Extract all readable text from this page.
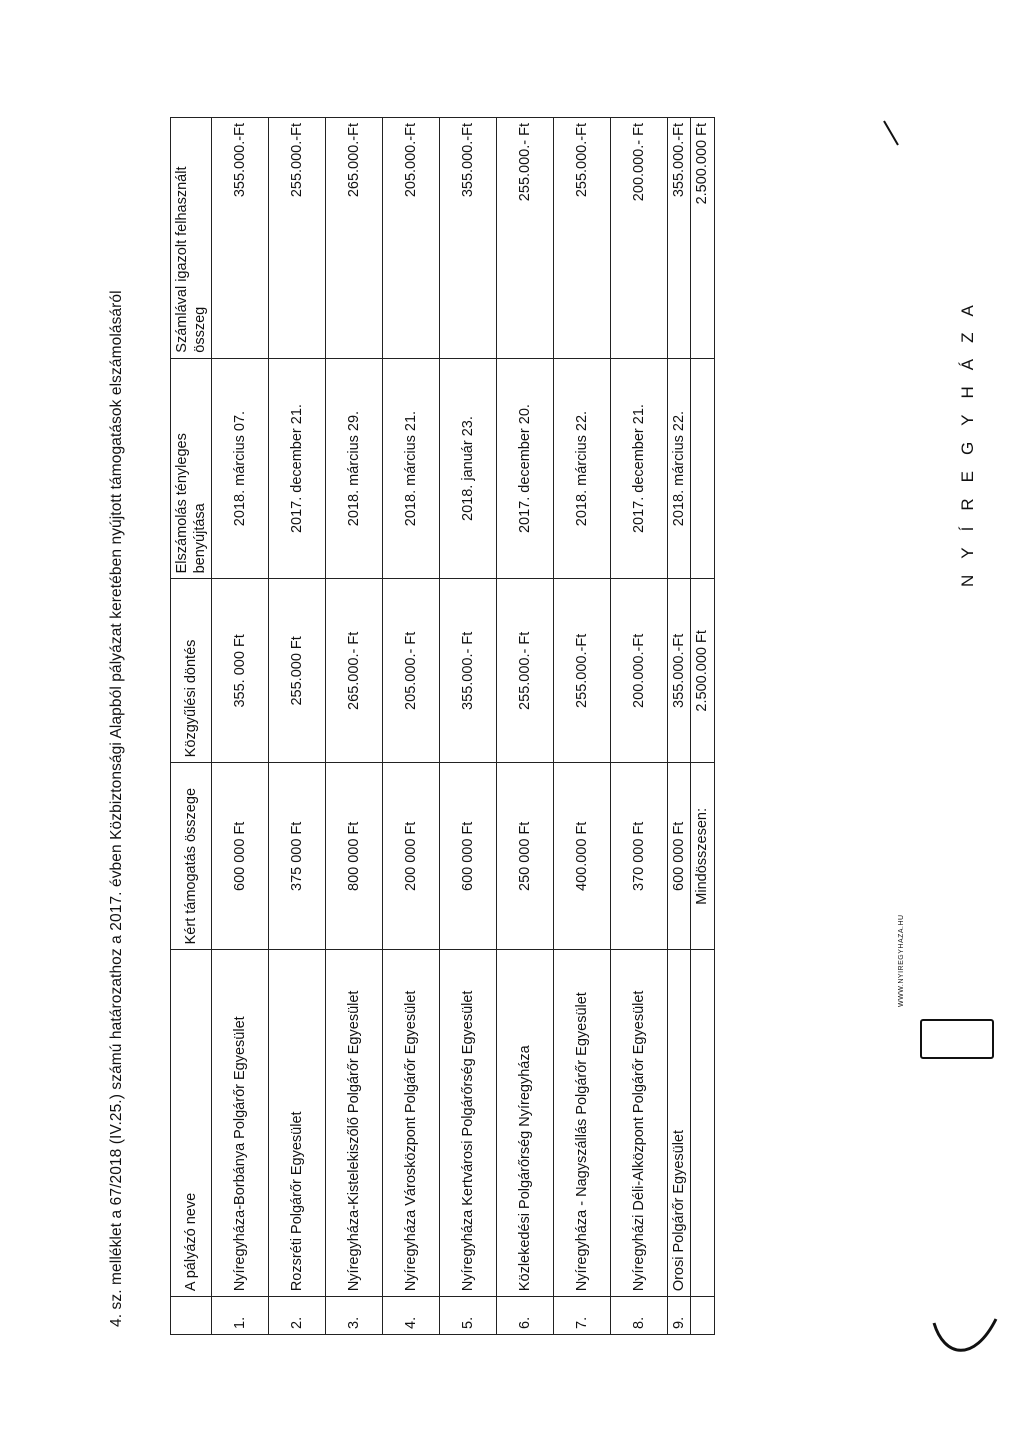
4. sz. melléklet a 67/2018 (IV.25.) számú határozathoz a 2017. évben Közbiztonsági Alapból pályázat keretében nyújtott támogatások elszámolásáról
		A pályázó neve	Kért támogatás összege	Közgyűlési döntés	Elszámolás tényleges benyújtása	Számlával igazolt felhasznált összeg
1.	Nyíregyháza-Borbánya Polgárőr Egyesület	600 000 Ft	355. 000 Ft	2018. március 07.	355.000.-Ft
2.	Rozsréti Polgárőr Egyesület	375 000 Ft	255.000 Ft	2017. december 21.	255.000.-Ft
3.	Nyíregyháza-Kistelekiszőlő Polgárőr Egyesület	800 000 Ft	265.000.- Ft	2018. március 29.	265.000.-Ft
4.	Nyíregyháza Városközpont Polgárőr Egyesület	200 000 Ft	205.000.- Ft	2018. március 21.	205.000.-Ft
5.	Nyíregyháza Kertvárosi Polgárőrség Egyesület	600 000 Ft	355.000.- Ft	2018. január 23.	355.000.-Ft
6.	Közlekedési Polgárőrség Nyíregyháza	250 000 Ft	255.000.- Ft	2017. december 20.	255.000.- Ft
7.	Nyíregyháza - Nagyszállás Polgárőr Egyesület	400.000 Ft	255.000.-Ft	2018. március 22.	255.000.-Ft
8.	Nyíregyházi Déli-Alközpont Polgárőr Egyesület	370 000 Ft	200.000.-Ft	2017. december 21.	200.000.- Ft
9.	Orosi Polgárőr Egyesület	600 000 Ft	355.000.-Ft	2018. március 22.	355.000.-Ft
		Mindösszesen:	2.500.000 Ft		2.500.000 Ft
NYÍREGYHÁZA
WWW.NYIREGYHAZA.HU
